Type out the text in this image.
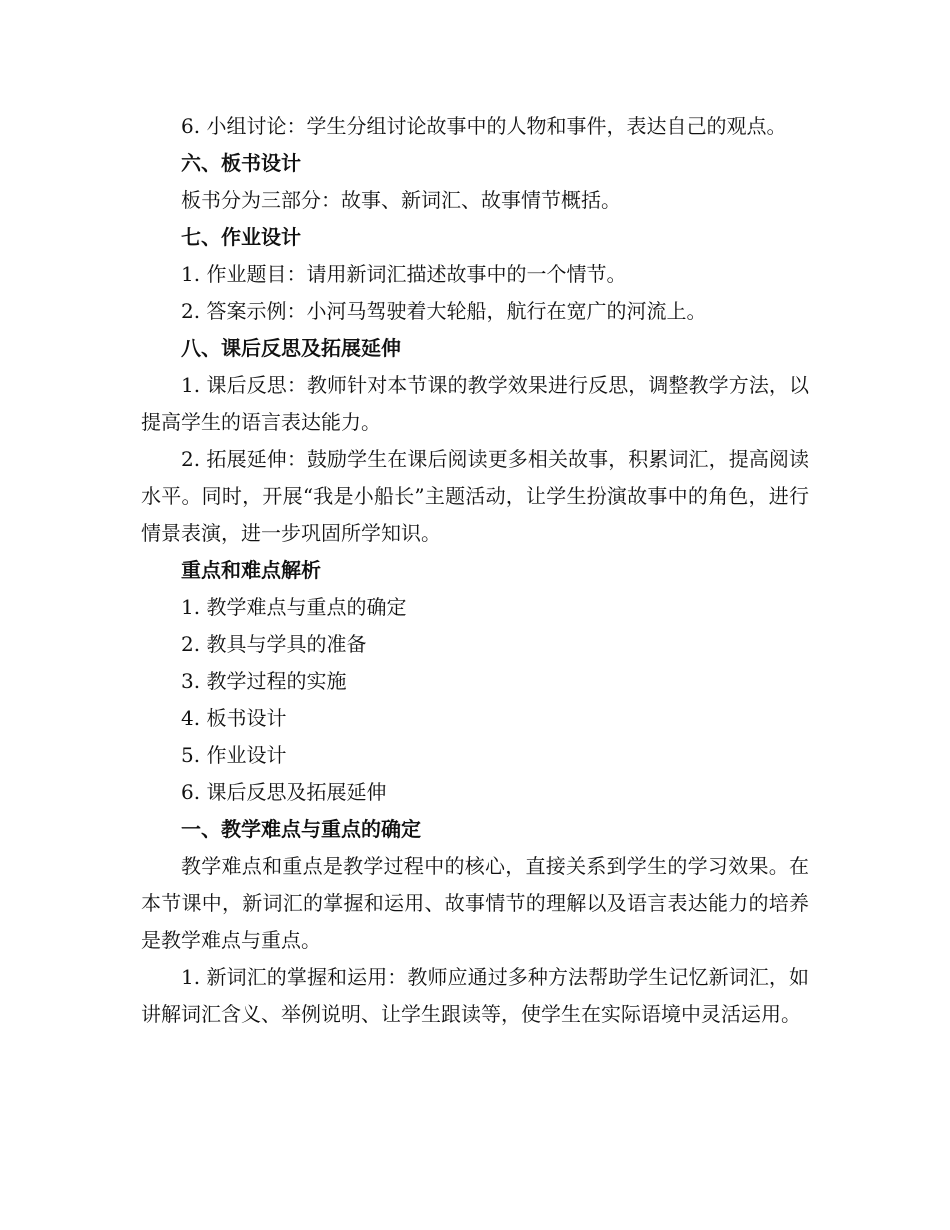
6. 小组讨论：学生分组讨论故事中的人物和事件，表达自己的观点。

六、板书设计

板书分为三部分：故事、新词汇、故事情节概括。

七、作业设计

1. 作业题目：请用新词汇描述故事中的一个情节。

2. 答案示例：小河马驾驶着大轮船，航行在宽广的河流上。

八、课后反思及拓展延伸

1. 课后反思：教师针对本节课的教学效果进行反思，调整教学方法，以提高学生的语言表达能力。

2. 拓展延伸：鼓励学生在课后阅读更多相关故事，积累词汇，提高阅读水平。同时，开展“我是小船长”主题活动，让学生扮演故事中的角色，进行情景表演，进一步巩固所学知识。

重点和难点解析

1. 教学难点与重点的确定

2. 教具与学具的准备

3. 教学过程的实施

4. 板书设计

5. 作业设计

6. 课后反思及拓展延伸

一、教学难点与重点的确定

教学难点和重点是教学过程中的核心，直接关系到学生的学习效果。在本节课中，新词汇的掌握和运用、故事情节的理解以及语言表达能力的培养是教学难点与重点。

1. 新词汇的掌握和运用：教师应通过多种方法帮助学生记忆新词汇，如讲解词汇含义、举例说明、让学生跟读等，使学生在实际语境中灵活运用。
